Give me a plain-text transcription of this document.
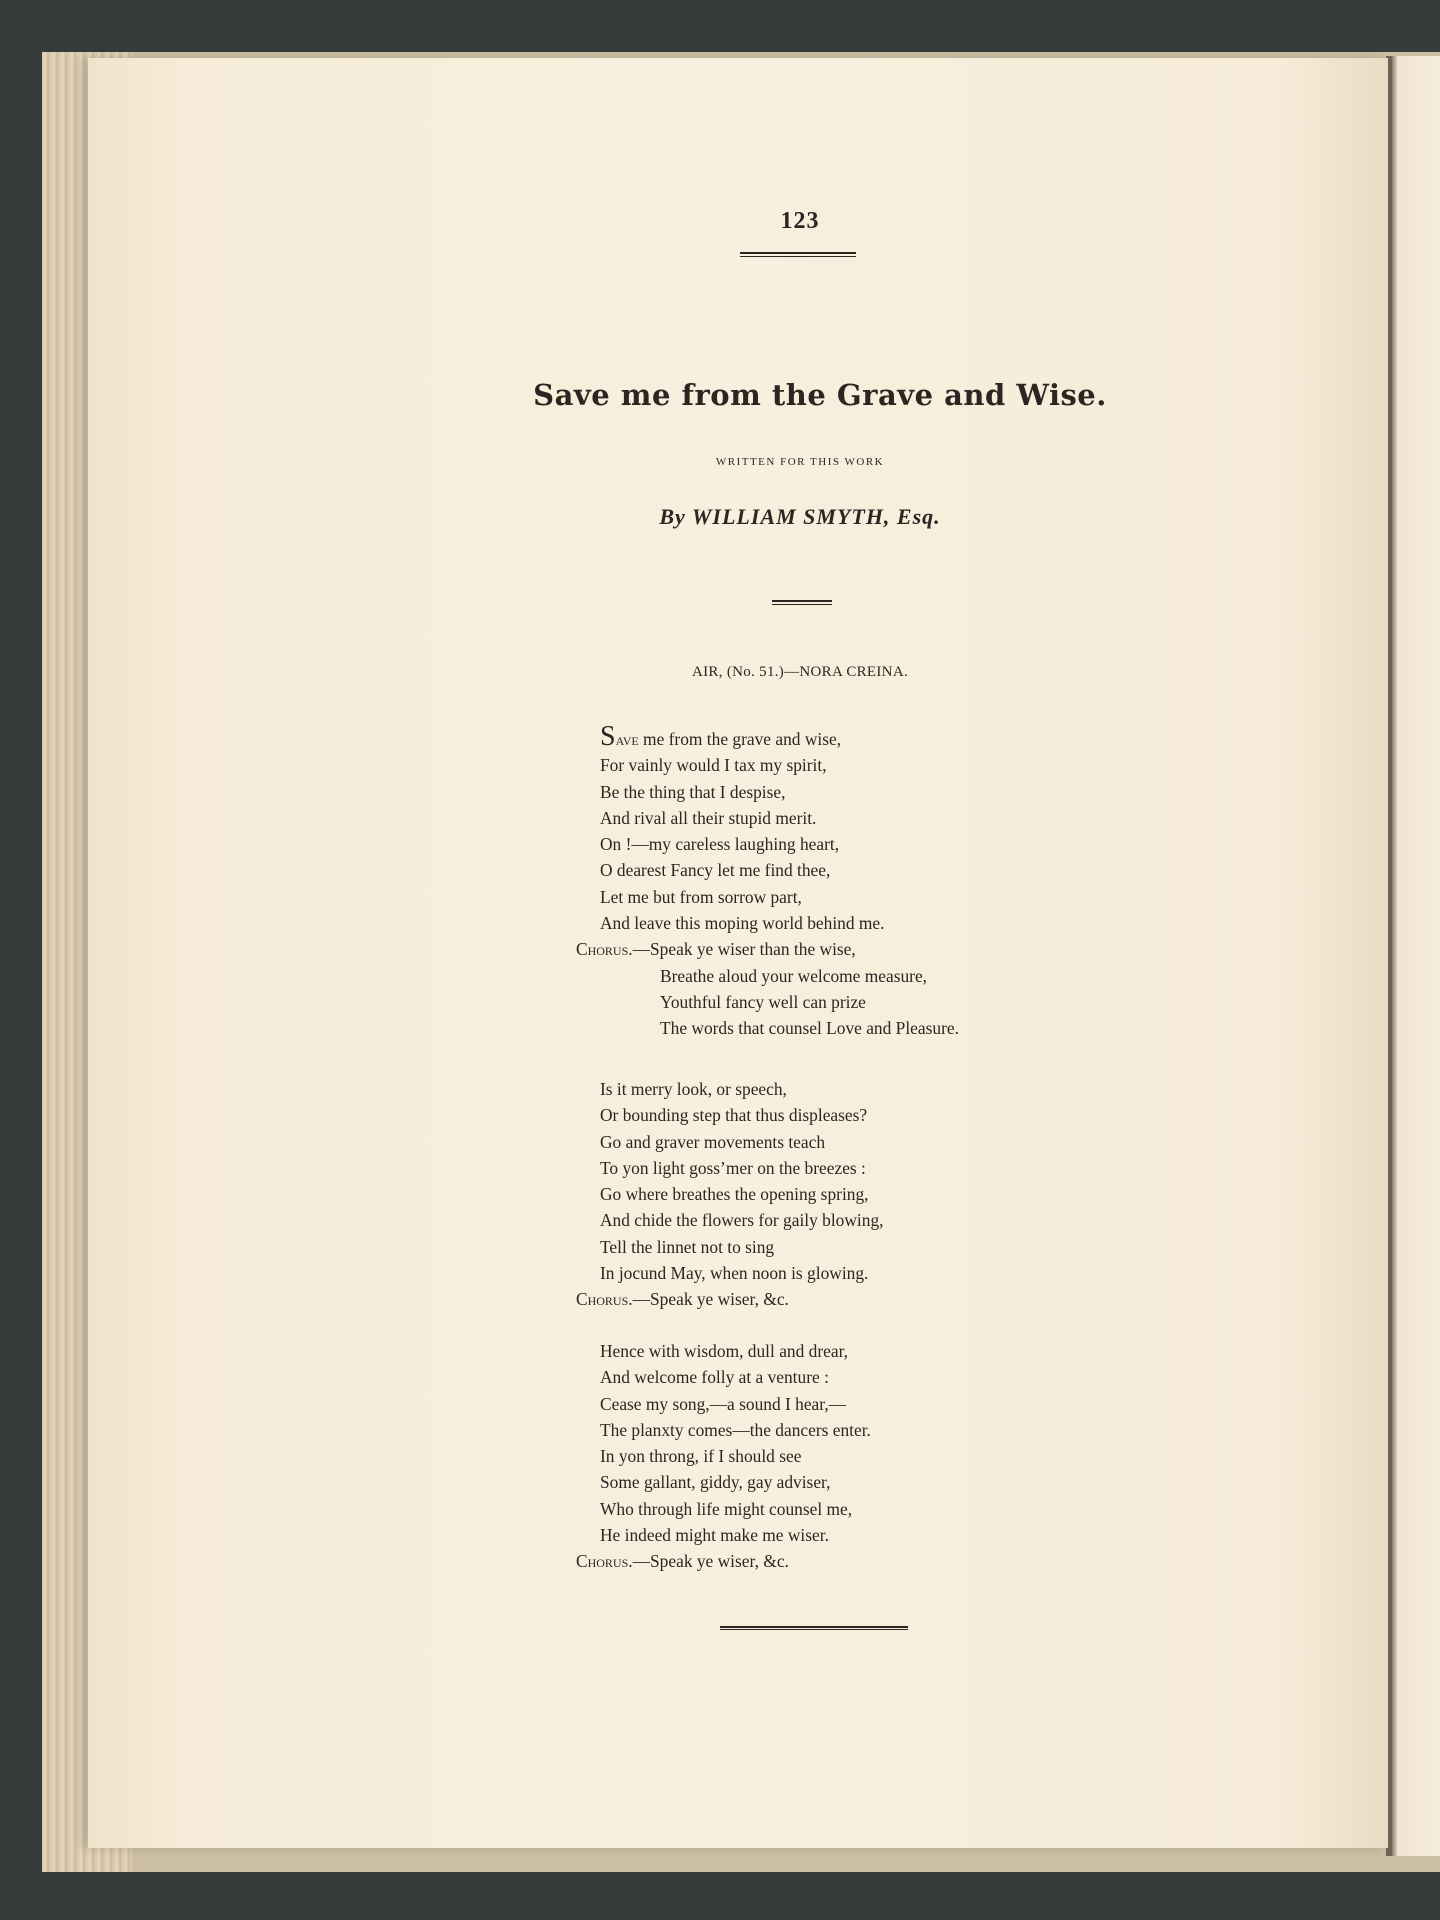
123
Save me from the Grave and Wise.
WRITTEN FOR THIS WORK
By WILLIAM SMYTH, Esq.
AIR, (No. 51.)—NORA CREINA.
Save me from the grave and wise,
For vainly would I tax my spirit,
Be the thing that I despise,
And rival all their stupid merit.
On !—my careless laughing heart,
O dearest Fancy let me find thee,
Let me but from sorrow part,
And leave this moping world behind me.
Chorus.—Speak ye wiser than the wise,
Breathe aloud your welcome measure,
Youthful fancy well can prize
The words that counsel Love and Pleasure.
Is it merry look, or speech,
Or bounding step that thus displeases?
Go and graver movements teach
To yon light goss’mer on the breezes :
Go where breathes the opening spring,
And chide the flowers for gaily blowing,
Tell the linnet not to sing
In jocund May, when noon is glowing.
Chorus.—Speak ye wiser, &c.
Hence with wisdom, dull and drear,
And welcome folly at a venture :
Cease my song,—a sound I hear,—
The planxty comes—the dancers enter.
In yon throng, if I should see
Some gallant, giddy, gay adviser,
Who through life might counsel me,
He indeed might make me wiser.
Chorus.—Speak ye wiser, &c.
